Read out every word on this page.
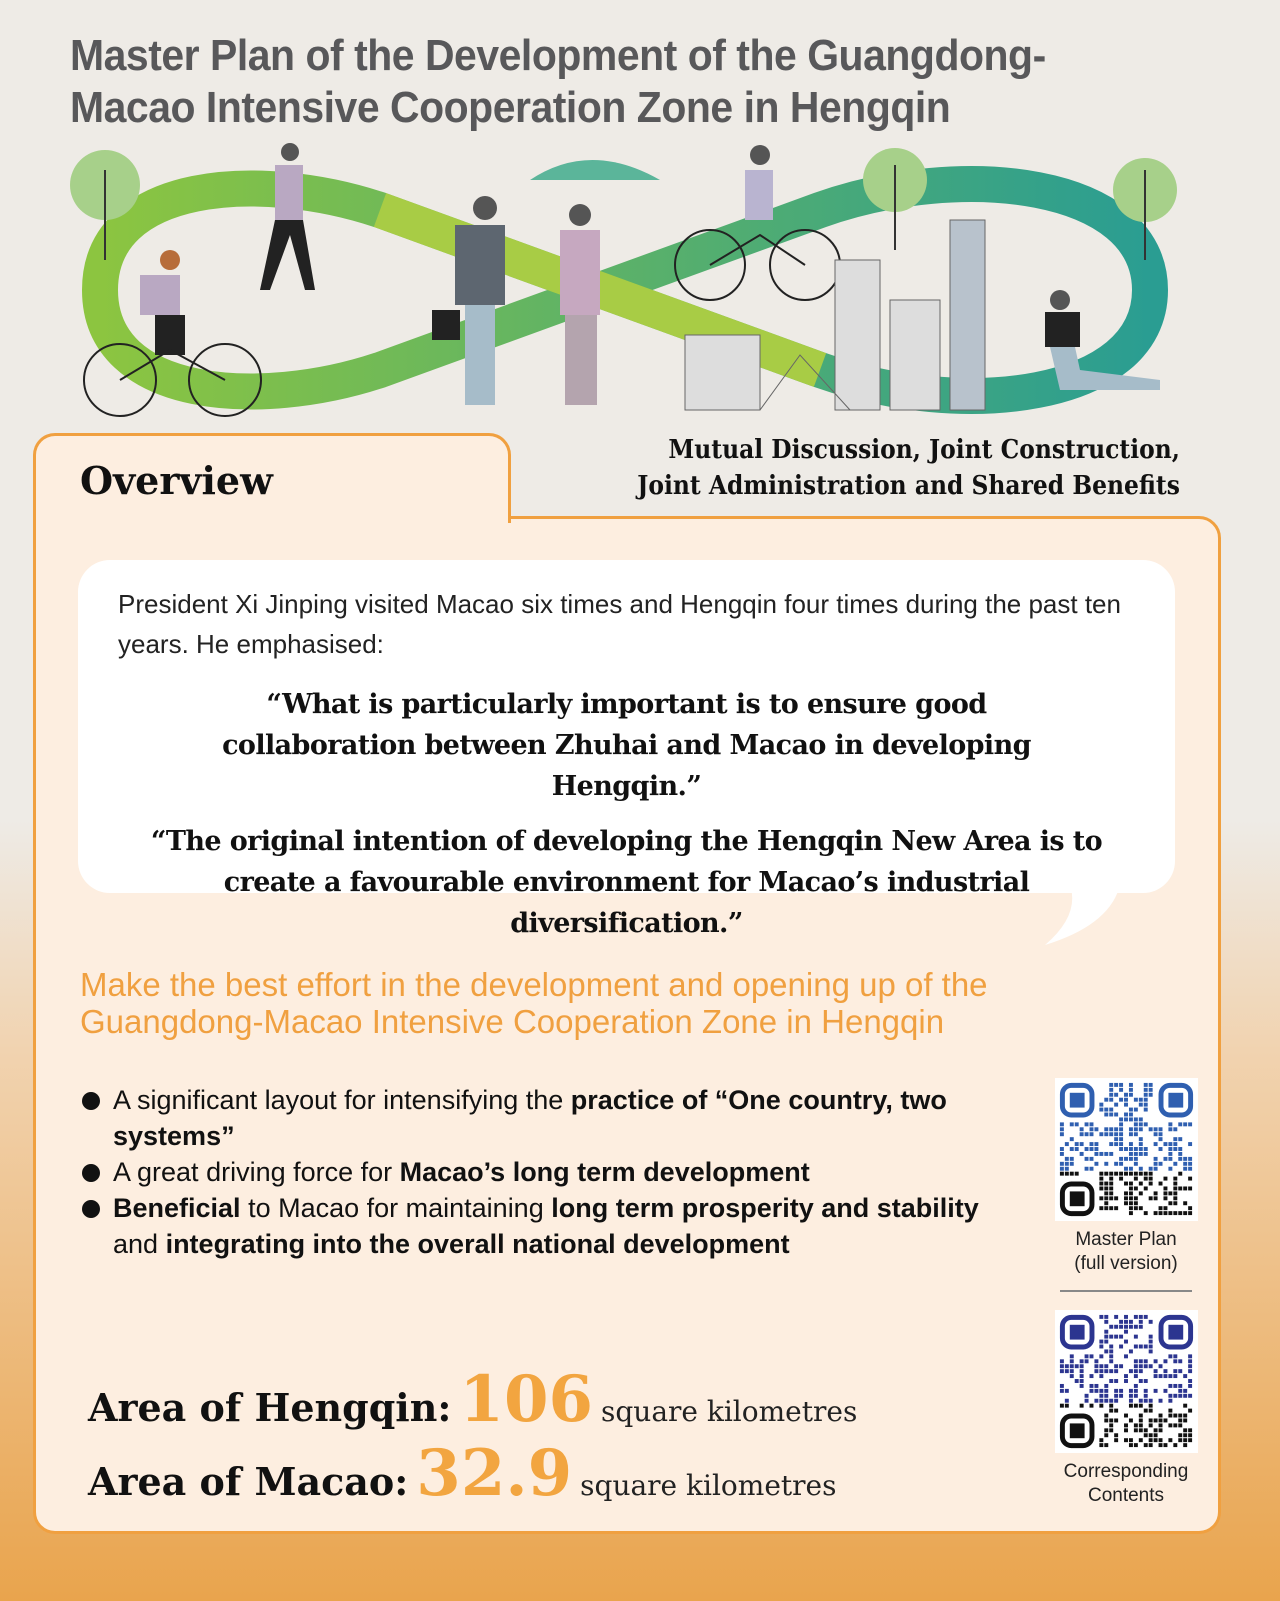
Master Plan of the Development of the Guangdong-Macao Intensive Cooperation Zone in Hengqin
Overview
Mutual Discussion, Joint Construction,
Joint Administration and Shared Benefits

President Xi Jinping visited Macao six times and Hengqin four times during the past ten years. He emphasised:

“What is particularly important is to ensure good collaboration between Zhuhai and Macao in developing Hengqin.”

“The original intention of developing the Hengqin New Area is to create a favourable environment for Macao’s industrial diversification.”

Make the best effort in the development and opening up of the Guangdong-Macao Intensive Cooperation Zone in Hengqin
A significant layout for intensifying the practice of “One country, two systems”
A great driving force for Macao’s long term development
Beneficial to Macao for maintaining long term prosperity and stability and integrating into the overall national development
Area of Hengqin: 106 square kilometres
Area of Macao: 32.9 square kilometres
Master Plan
(full version)
Corresponding
Contents
